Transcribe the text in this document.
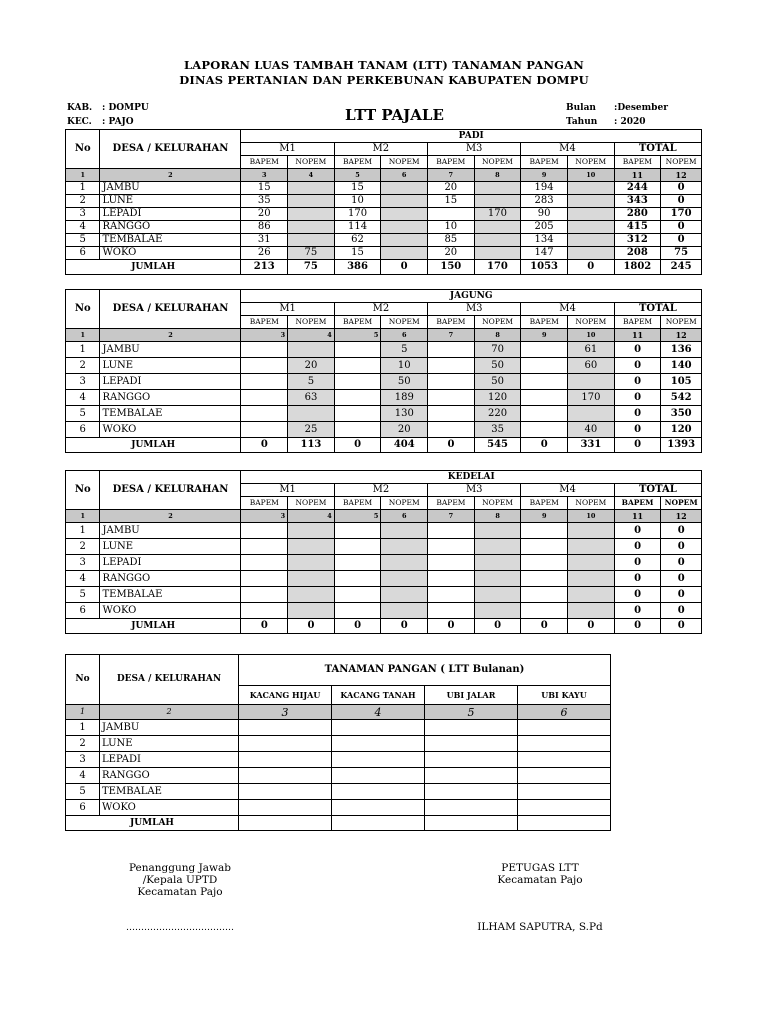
LAPORAN LUAS TAMBAH TANAM (LTT) TANAMAN PANGAN
DINAS PERTANIAN DAN PERKEBUNAN KABUPATEN DOMPU
KAB. : DOMPU
KEC. : PAJO	LTT PAJALE	Bulan :Desember
Tahun : 2020
No	DESA / KELURAHAN	PADI									
		M1		M2		M3		M4		TOTAL	
		BAPEM	NOPEM	BAPEM	NOPEM	BAPEM	NOPEM	BAPEM	NOPEM	BAPEM	NOPEM
1	2	3	4	5	6	7	8	9	10	11	12
1	JAMBU	15		15		20		194		244	0
2	LUNE	35		10		15		283		343	0
3	LEPADI	20		170			170	90		280	170
4	RANGGO	86		114		10		205		415	0
5	TEMBALAE	31		62		85		134		312	0
6	WOKO	26	75	15		20		147		208	75
JUMLAH		213	75	386	0	150	170	1053	0	1802	245
No	DESA / KELURAHAN	JAGUNG									
		M1		M2		M3		M4		TOTAL	
		BAPEM	NOPEM	BAPEM	NOPEM	BAPEM	NOPEM	BAPEM	NOPEM	BAPEM	NOPEM
1	2	3	4	5	6	7	8	9	10	11	12
1	JAMBU				5		70		61	0	136
2	LUNE		20		10		50		60	0	140
3	LEPADI		5		50		50			0	105
4	RANGGO		63		189		120		170	0	542
5	TEMBALAE				130		220			0	350
6	WOKO		25		20		35		40	0	120
JUMLAH		0	113	0	404	0	545	0	331	0	1393
No	DESA / KELURAHAN	KEDELAI									
		M1		M2		M3		M4		TOTAL	
		BAPEM	NOPEM	BAPEM	NOPEM	BAPEM	NOPEM	BAPEM	NOPEM	BAPEM	NOPEM
1	2	3	4	5	6	7	8	9	10	11	12
1	JAMBU									0	0
2	LUNE									0	0
3	LEPADI									0	0
4	RANGGO									0	0
5	TEMBALAE									0	0
6	WOKO									0	0
JUMLAH		0	0	0	0	0	0	0	0	0	0
No	DESA / KELURAHAN	TANAMAN PANGAN ( LTT Bulanan)			
		KACANG HIJAU	KACANG TANAH	UBI JALAR	UBI KAYU
1	2	3	4	5	6
1	JAMBU				
2	LUNE				
3	LEPADI				
4	RANGGO				
5	TEMBALAE				
6	WOKO				
JUMLAH					
Penanggung Jawab
/Kepala UPTD
Kecamatan Pajo
………………………………
PETUGAS LTT
Kecamatan Pajo
ILHAM SAPUTRA, S.Pd
